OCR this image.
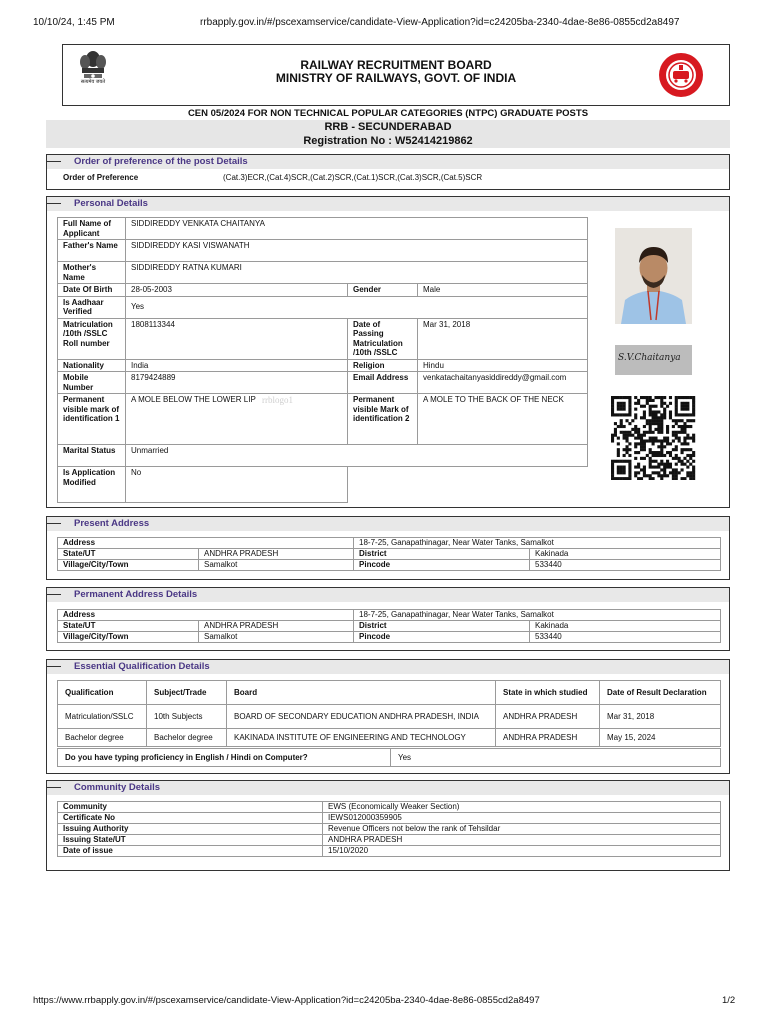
10/10/24, 1:45 PM	rrbapply.gov.in/#/pscexamservice/candidate-View-Application?id=c24205ba-2340-4dae-8e86-0855cd2a8497
सत्यमेव जयते
RAILWAY RECRUITMENT BOARD
MINISTRY OF RAILWAYS, GOVT. OF INDIA
CEN 05/2024 FOR NON TECHNICAL POPULAR CATEGORIES (NTPC) GRADUATE POSTS
RRB - SECUNDERABAD
Registration No : W52414219862
Order of preference of the post Details
Order of Preference	(Cat.3)ECR,(Cat.4)SCR,(Cat.2)SCR,(Cat.1)SCR,(Cat.3)SCR,(Cat.5)SCR
Personal Details
Full Name of Applicant	SIDDIREDDY VENKATA CHAITANYA		
Father's Name	SIDDIREDDY KASI VISWANATH		
Mother's Name	SIDDIREDDY RATNA KUMARI		
Date Of Birth	28-05-2003	Gender	Male
Is Aadhaar Verified	Yes		
Matriculation /10th /SSLC Roll number	1808113344	Date of Passing Matriculation /10th /SSLC	Mar 31, 2018
Nationality	India	Religion	Hindu
Mobile Number	8179424889	Email Address	venkatachaitanyasiddireddy@gmail.com
Permanent visible mark of identification 1	A MOLE BELOW THE LOWER LIP	Permanent visible Mark of identification 2	A MOLE TO THE BACK OF THE NECK
Marital Status	Unmarried		
Is Application Modified	No		
rrblogo1
S.V.Chaitanya
Present Address
Address		18-7-25, Ganapathinagar, Near Water Tanks, Samalkot	
State/UT	ANDHRA PRADESH	District	Kakinada
Village/City/Town	Samalkot	Pincode	533440
Permanent Address Details
Address		18-7-25, Ganapathinagar, Near Water Tanks, Samalkot	
State/UT	ANDHRA PRADESH	District	Kakinada
Village/City/Town	Samalkot	Pincode	533440
Essential Qualification Details
Qualification	Subject/Trade	Board	State in which studied	Date of Result Declaration
Matriculation/SSLC	10th Subjects	BOARD OF SECONDARY EDUCATION ANDHRA PRADESH, INDIA	ANDHRA PRADESH	Mar 31, 2018
Bachelor degree	Bachelor degree	KAKINADA INSTITUTE OF ENGINEERING AND TECHNOLOGY	ANDHRA PRADESH	May 15, 2024
Do you have typing proficiency in English / Hindi on Computer?	Yes
Community Details
Community	EWS (Economically Weaker Section)
Certificate No	IEWS012000359905
Issuing Authority	Revenue Officers not below the rank of Tehsildar
Issuing State/UT	ANDHRA PRADESH
Date of issue	15/10/2020
https://www.rrbapply.gov.in/#/pscexamservice/candidate-View-Application?id=c24205ba-2340-4dae-8e86-0855cd2a8497	1/2
